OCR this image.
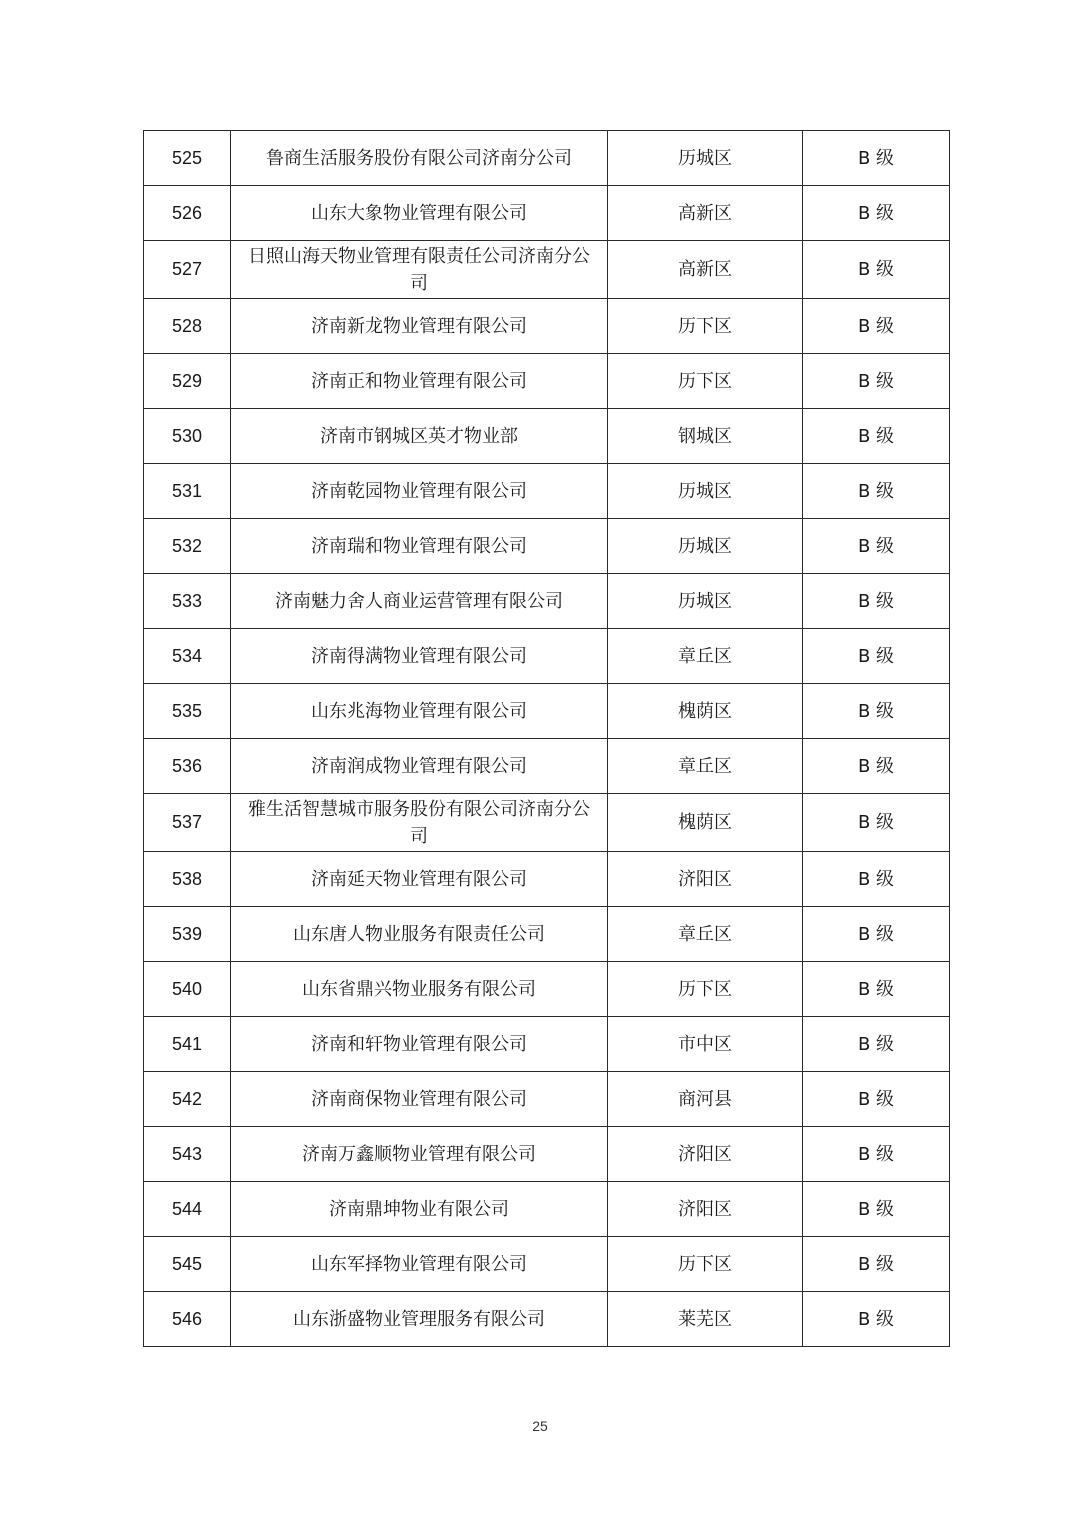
525	鲁商生活服务股份有限公司济南分公司	历城区	B 级
526	山东大象物业管理有限公司	高新区	B 级
527	日照山海天物业管理有限责任公司济南分公司	高新区	B 级
528	济南新龙物业管理有限公司	历下区	B 级
529	济南正和物业管理有限公司	历下区	B 级
530	济南市钢城区英才物业部	钢城区	B 级
531	济南乾园物业管理有限公司	历城区	B 级
532	济南瑞和物业管理有限公司	历城区	B 级
533	济南魅力舍人商业运营管理有限公司	历城区	B 级
534	济南得满物业管理有限公司	章丘区	B 级
535	山东兆海物业管理有限公司	槐荫区	B 级
536	济南润成物业管理有限公司	章丘区	B 级
537	雅生活智慧城市服务股份有限公司济南分公司	槐荫区	B 级
538	济南延天物业管理有限公司	济阳区	B 级
539	山东唐人物业服务有限责任公司	章丘区	B 级
540	山东省鼎兴物业服务有限公司	历下区	B 级
541	济南和轩物业管理有限公司	市中区	B 级
542	济南商保物业管理有限公司	商河县	B 级
543	济南万鑫顺物业管理有限公司	济阳区	B 级
544	济南鼎坤物业有限公司	济阳区	B 级
545	山东军择物业管理有限公司	历下区	B 级
546	山东浙盛物业管理服务有限公司	莱芜区	B 级
25
